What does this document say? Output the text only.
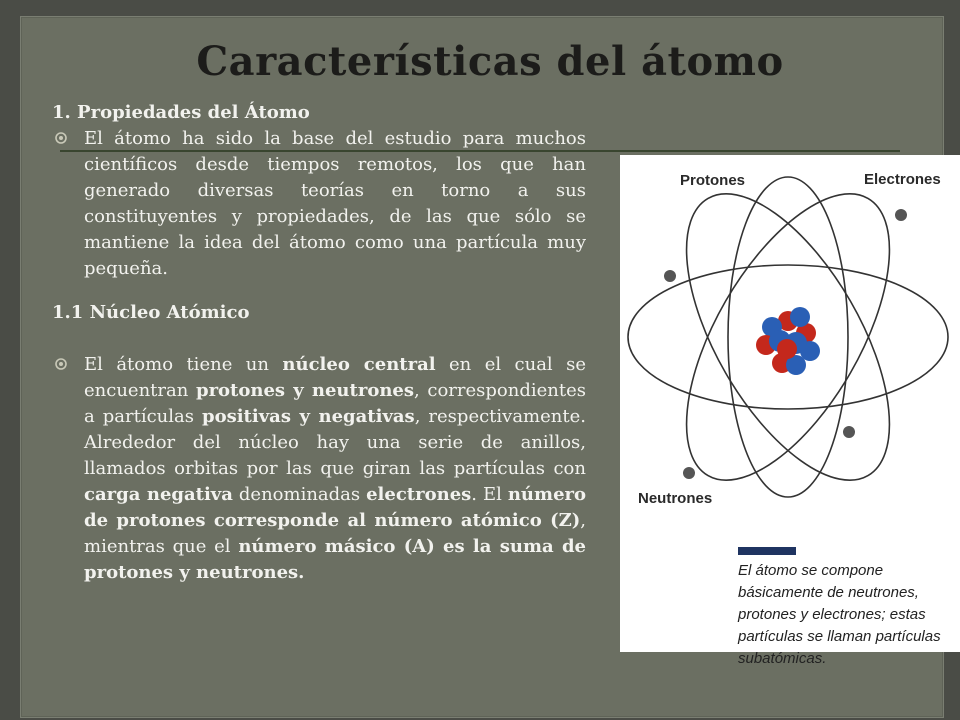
Características del átomo

1. Propiedades del Átomo

El átomo ha sido la base del estudio para muchos científicos desde tiempos remotos, los que han generado diversas teorías en torno a sus constituyentes y propiedades, de las que sólo se mantiene la idea del átomo como una partícula muy pequeña.

1.1 Núcleo Atómico

El átomo tiene un núcleo central en el cual se encuentran protones y neutrones, correspondientes a partículas positivas y negativas, respectivamente. Alrededor del núcleo hay una serie de anillos, llamados orbitas por las que giran las partículas con carga negativa denominadas electrones. El número de protones corresponde al número atómico (Z), mientras que el número másico (A) es la suma de protones y neutrones.
Protones	Electrones
Neutrones
El átomo se compone básicamente de neutrones, protones y electrones; estas partículas se llaman partículas subatómicas.
